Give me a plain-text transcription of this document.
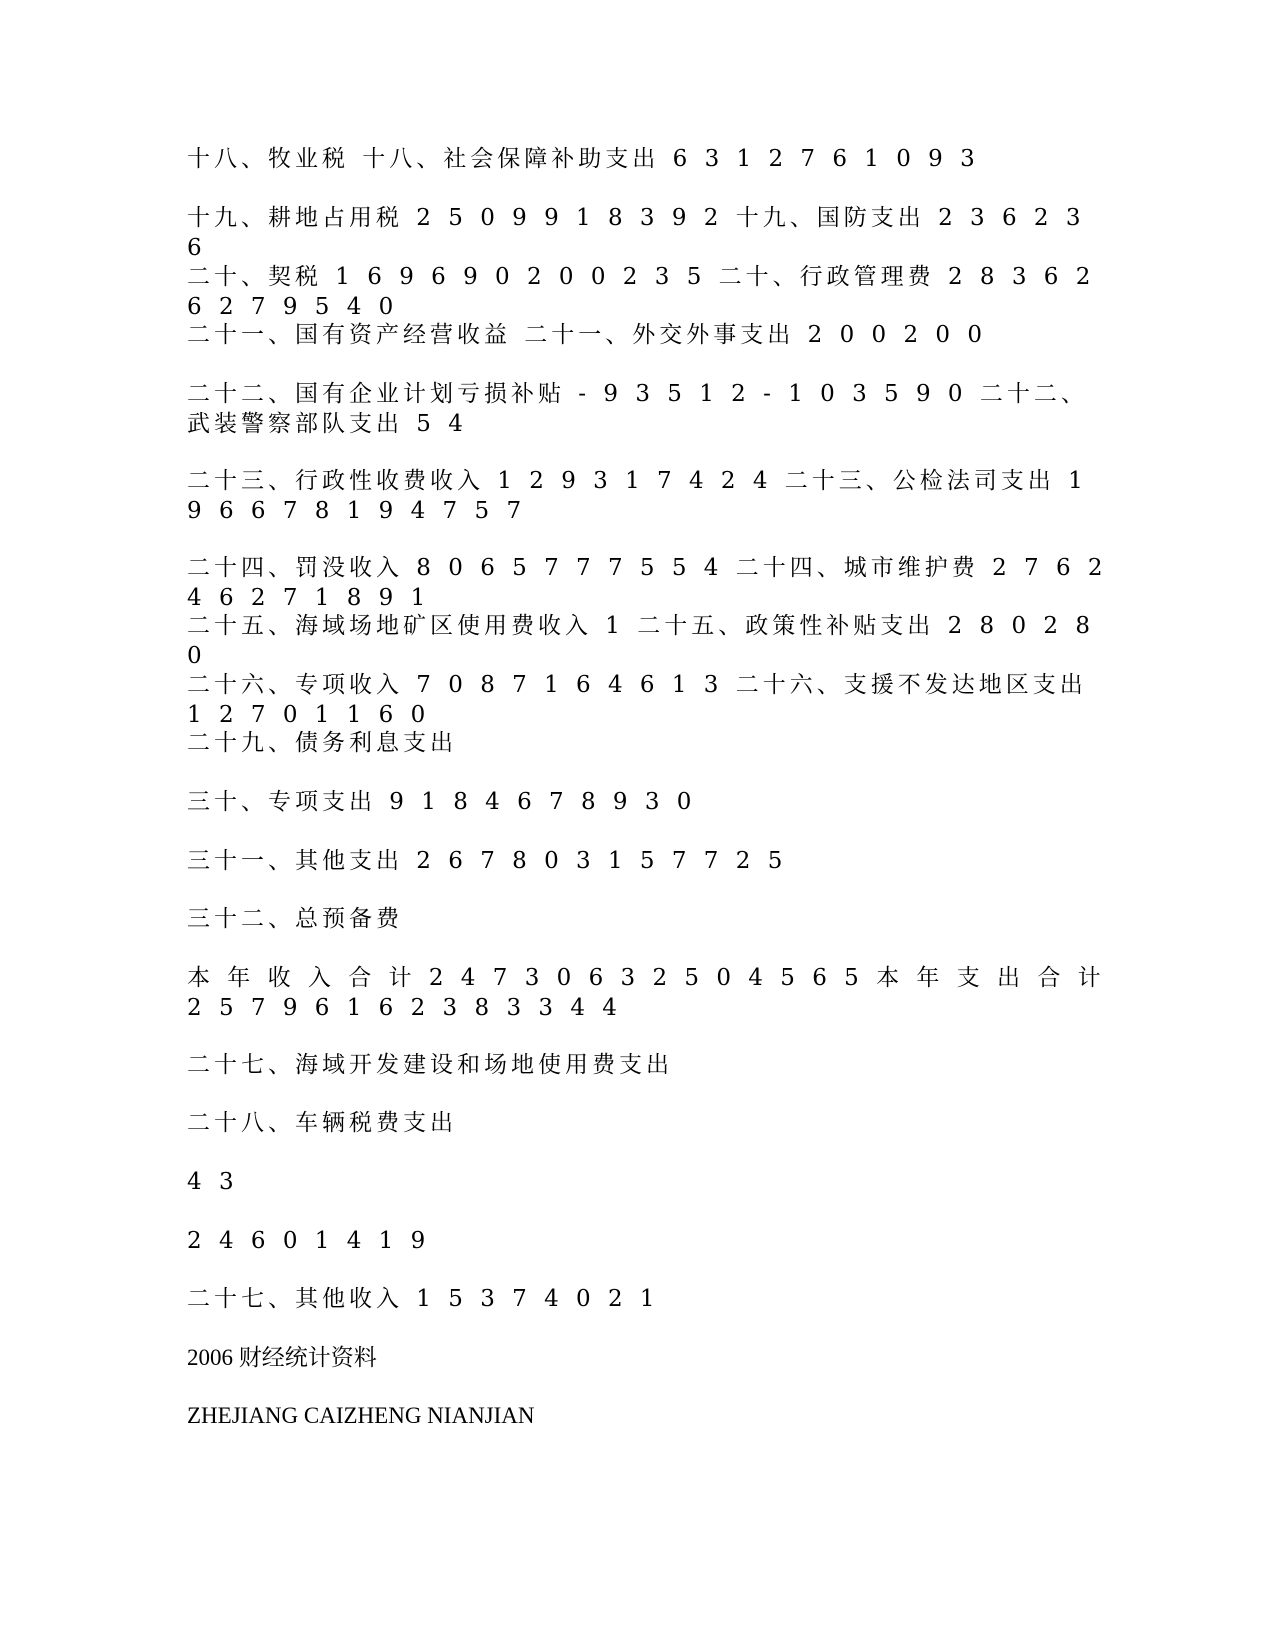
十八、牧业税 十八、社会保障补助支出 6 3 1 2 7 6 1 0 9 3
十九、耕地占用税 2 5 0 9 9 1 8 3 9 2 十九、国防支出 2 3 6 2 3 6
二十、契税 1 6 9 6 9 0 2 0 0 2 3 5 二十、行政管理费 2 8 3 6 2 6 2 7 9 5 4 0
二十一、国有资产经营收益 二十一、外交外事支出 2 0 0 2 0 0
二十二、国有企业计划亏损补贴 - 9 3 5 1 2 - 1 0 3 5 9 0 二十二、武装警察部队支出 5 4
二十三、行政性收费收入 1 2 9 3 1 7 4 2 4 二十三、公检法司支出 1 9 6 6 7 8 1 9 4 7 5 7
二十四、罚没收入 8 0 6 5 7 7 7 5 5 4 二十四、城市维护费 2 7 6 2 4 6 2 7 1 8 9 1
二十五、海域场地矿区使用费收入 1 二十五、政策性补贴支出 2 8 0 2 8 0
二十六、专项收入 7 0 8 7 1 6 4 6 1 3 二十六、支援不发达地区支出 1 2 7 0 1 1 6 0
二十九、债务利息支出
三十、专项支出 9 1 8 4 6 7 8 9 3 0
三十一、其他支出 2 6 7 8 0 3 1 5 7 7 2 5
三十二、总预备费
本 年 收 入 合 计 2 4 7 3 0 6 3 2 5 0 4 5 6 5 本 年 支 出 合 计 2 5 7 9 6 1 6 2 3 8 3 3 4 4
二十七、海域开发建设和场地使用费支出
二十八、车辆税费支出
4 3
2 4 6 0 1 4 1 9
二十七、其他收入 1 5 3 7 4 0 2 1
2006 财经统计资料
ZHEJIANG CAIZHENG NIANJIAN
